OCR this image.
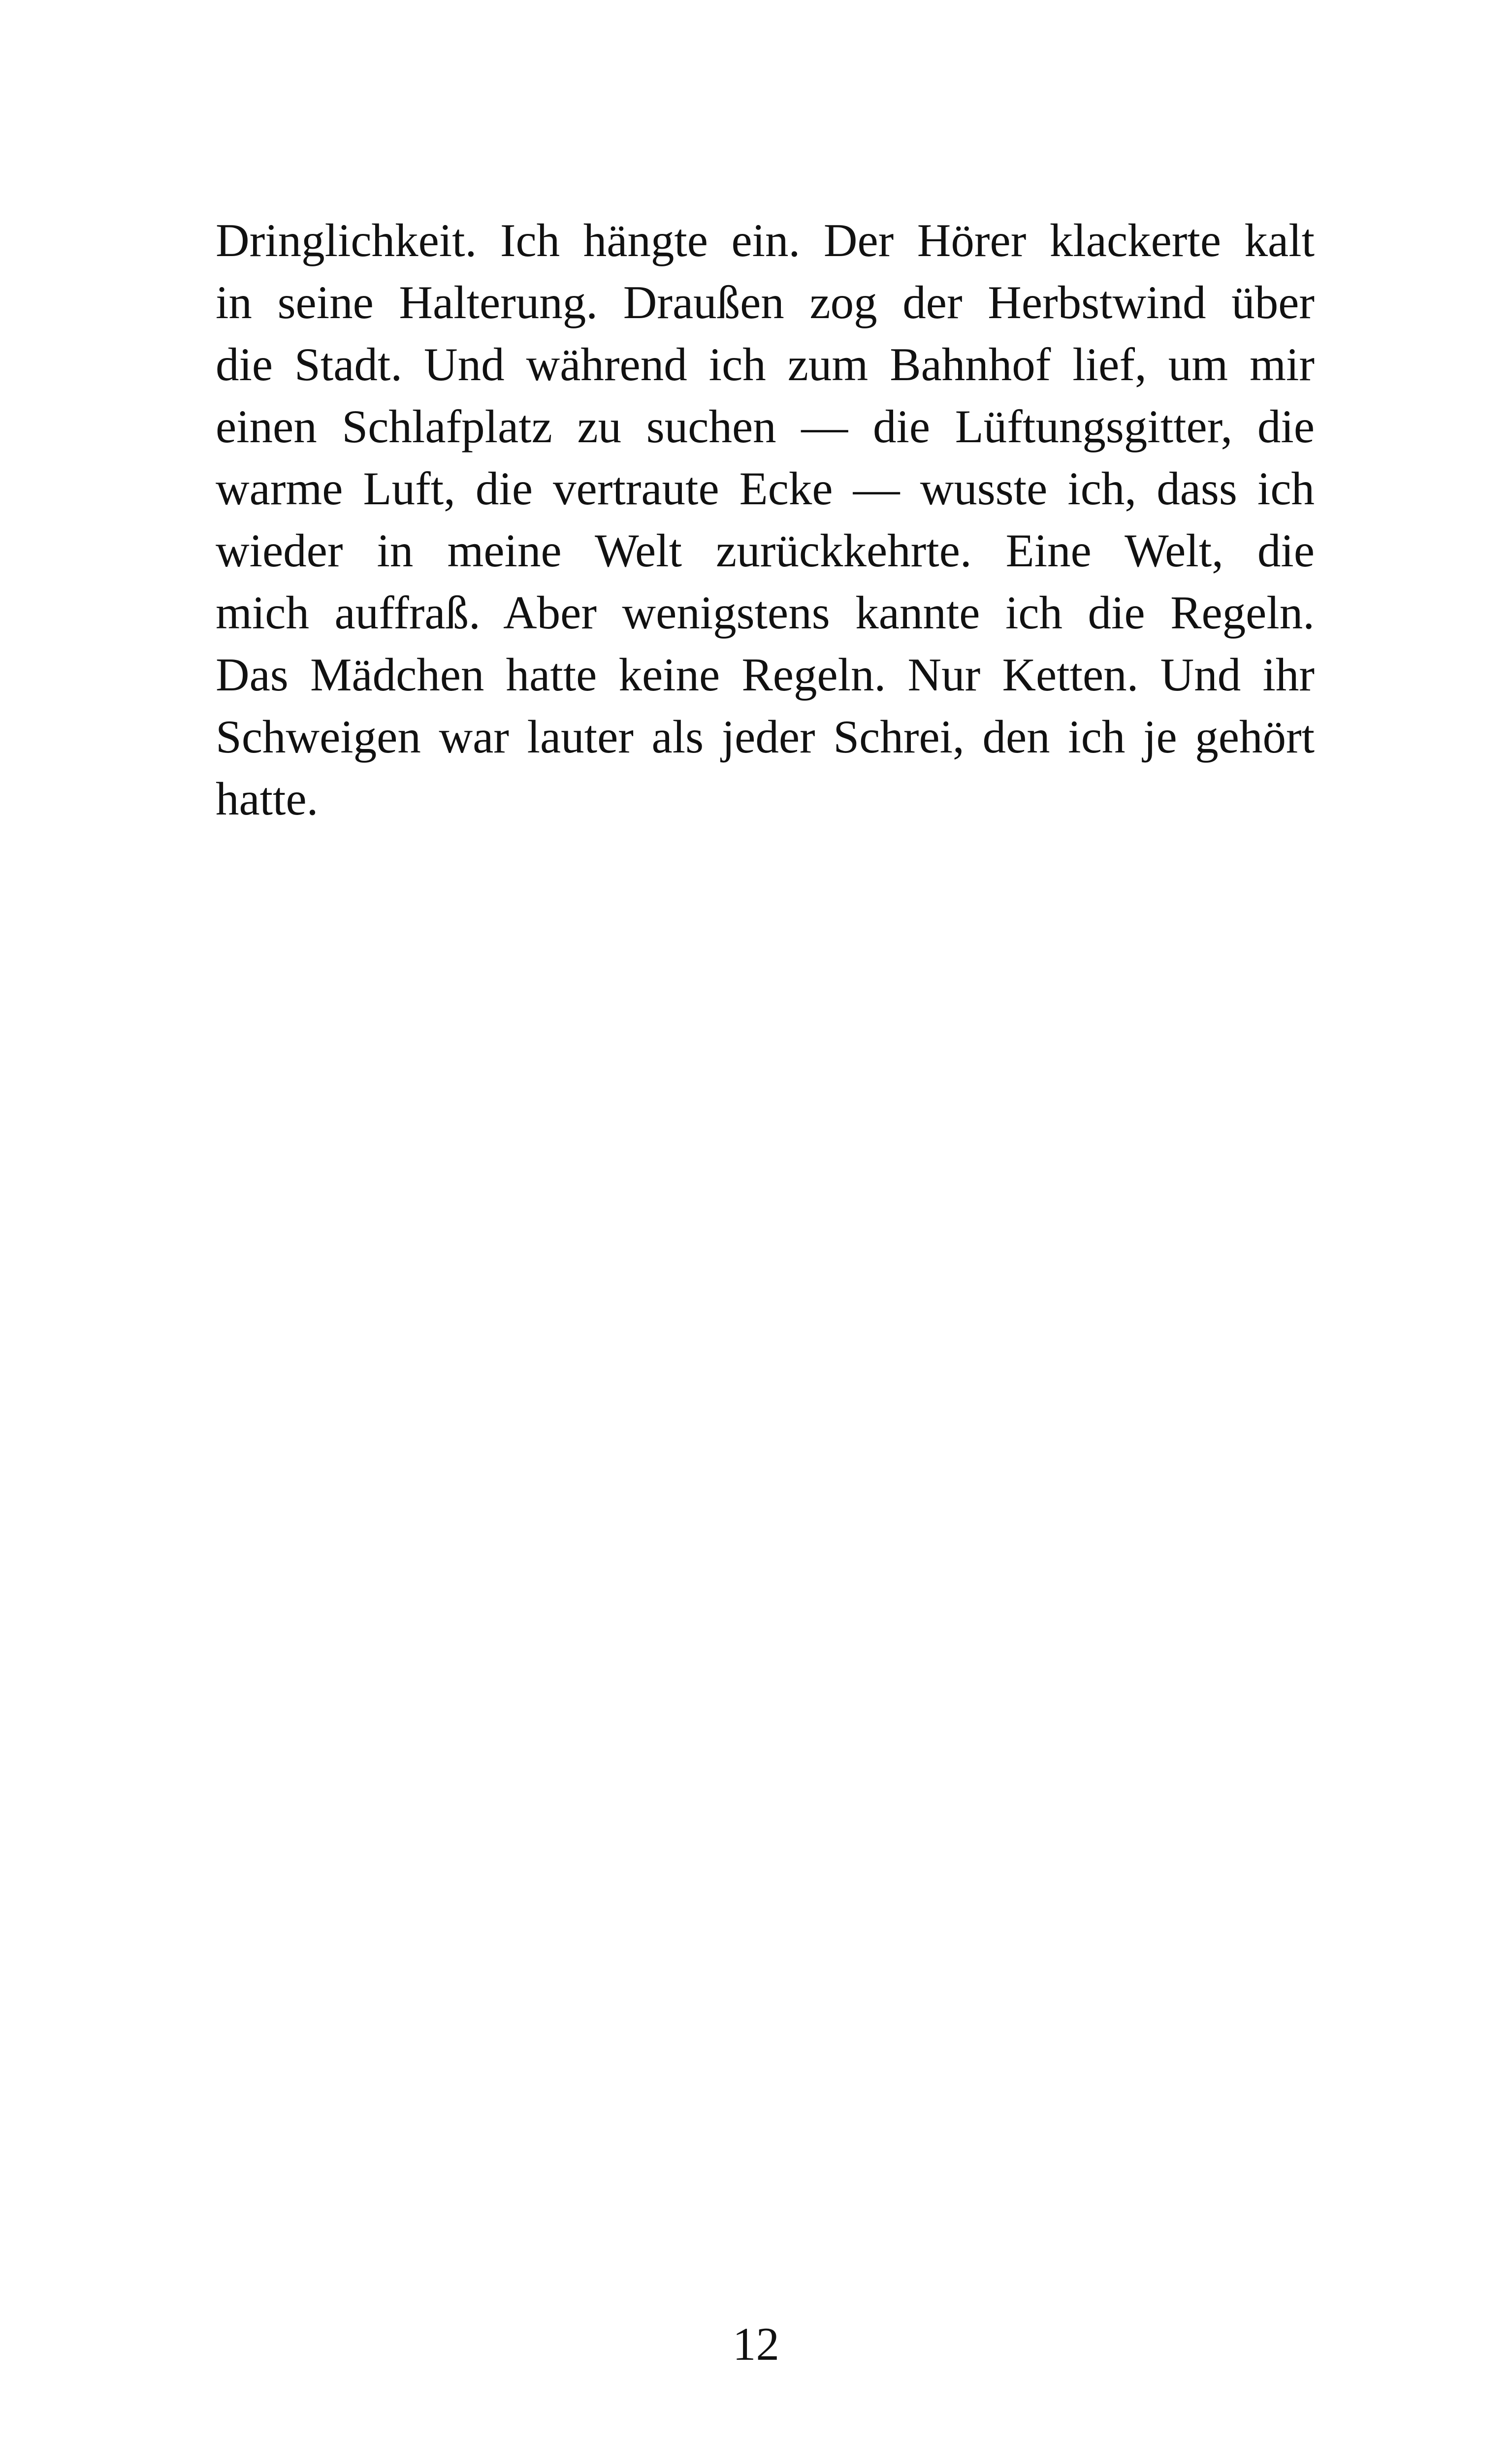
Dringlichkeit. Ich hängte ein. Der Hörer klackerte kalt
in seine Halterung. Draußen zog der Herbstwind über
die Stadt. Und während ich zum Bahnhof lief, um mir
einen Schlafplatz zu suchen — die Lüftungsgitter, die
warme Luft, die vertraute Ecke — wusste ich, dass ich
wieder in meine Welt zurückkehrte. Eine Welt, die
mich auffraß. Aber wenigstens kannte ich die Regeln.
Das Mädchen hatte keine Regeln. Nur Ketten. Und ihr
Schweigen war lauter als jeder Schrei, den ich je gehört
hatte.
12
